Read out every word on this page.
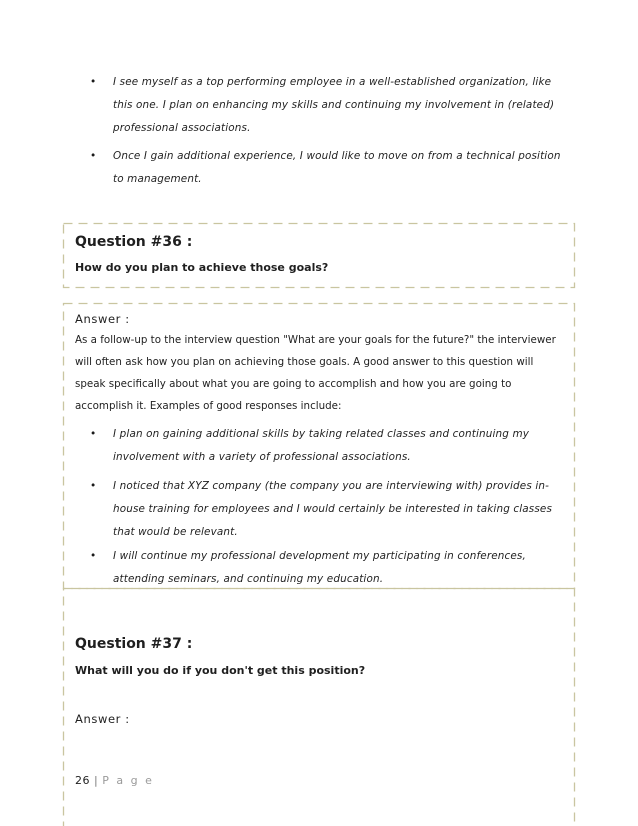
• I see myself as a top performing employee in a well-established organization, like
this one. I plan on enhancing my skills and continuing my involvement in (related)
professional associations.
• Once I gain additional experience, I would like to move on from a technical position
to management.
Question #36 :
How do you plan to achieve those goals?
Answer :
As a follow-up to the interview question "What are your goals for the future?" the interviewer
will often ask how you plan on achieving those goals. A good answer to this question will
speak specifically about what you are going to accomplish and how you are going to
accomplish it. Examples of good responses include:
• I plan on gaining additional skills by taking related classes and continuing my
involvement with a variety of professional associations.
• I noticed that XYZ company (the company you are interviewing with) provides in-
house training for employees and I would certainly be interested in taking classes
that would be relevant.
• I will continue my professional development my participating in conferences,
attending seminars, and continuing my education.
Question #37 :
What will you do if you don't get this position?
Answer :
26 | P a g e
